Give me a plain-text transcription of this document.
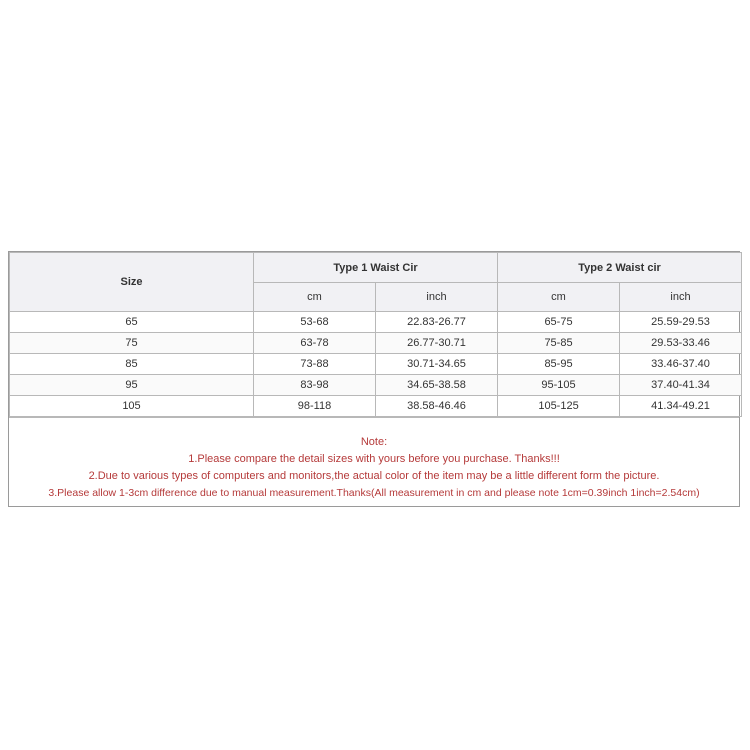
Size	Type 1 Waist Cir		Type 2 Waist cir	
	cm	inch	cm	inch
65	53-68	22.83-26.77	65-75	25.59-29.53
75	63-78	26.77-30.71	75-85	29.53-33.46
85	73-88	30.71-34.65	85-95	33.46-37.40
95	83-98	34.65-38.58	95-105	37.40-41.34
105	98-118	38.58-46.46	105-125	41.34-49.21
Note:
1.Please compare the detail sizes with yours before you purchase. Thanks!!!
2.Due to various types of computers and monitors,the actual color of the item may be a little different form the picture.
3.Please allow 1-3cm difference due to manual measurement.Thanks(All measurement in cm and please note 1cm=0.39inch 1inch=2.54cm)
